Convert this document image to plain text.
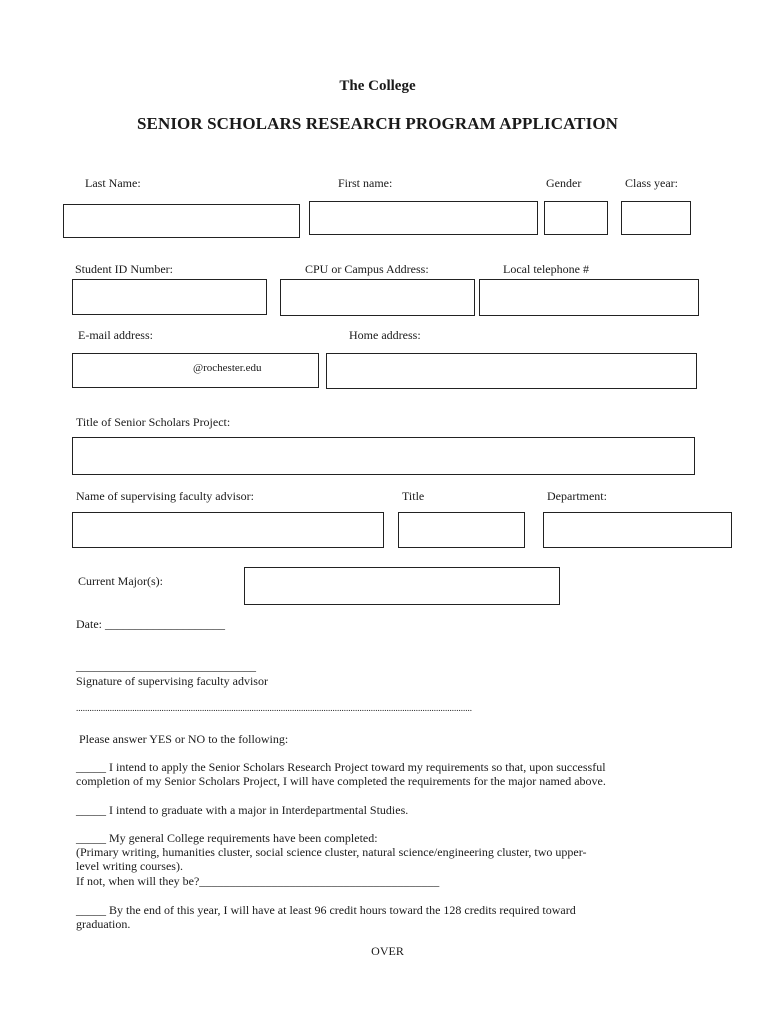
The College
SENIOR SCHOLARS RESEARCH PROGRAM APPLICATION
Last Name:	First name:	Gender	Class year:
Student ID Number:	CPU or Campus Address:	Local telephone #
E-mail address:	Home address:
@rochester.edu
Title of Senior Scholars Project:
Name of supervising faculty advisor:	Title	Department:
Current Major(s):
Date: ____________________
______________________________
Signature of supervising faculty advisor
................................................................................................................................................................................
Please answer YES or NO to the following:
_____ I intend to apply the Senior Scholars Research Project toward my requirements so that, upon successful
completion of my Senior Scholars Project, I will have completed the requirements for the major named above.
_____ I intend to graduate with a major in Interdepartmental Studies.
_____ My general College requirements have been completed:
(Primary writing, humanities cluster, social science cluster, natural science/engineering cluster, two upper-
level writing courses).
If not, when will they be?________________________________________
_____ By the end of this year, I will have at least 96 credit hours toward the 128 credits required toward
graduation.
OVER
